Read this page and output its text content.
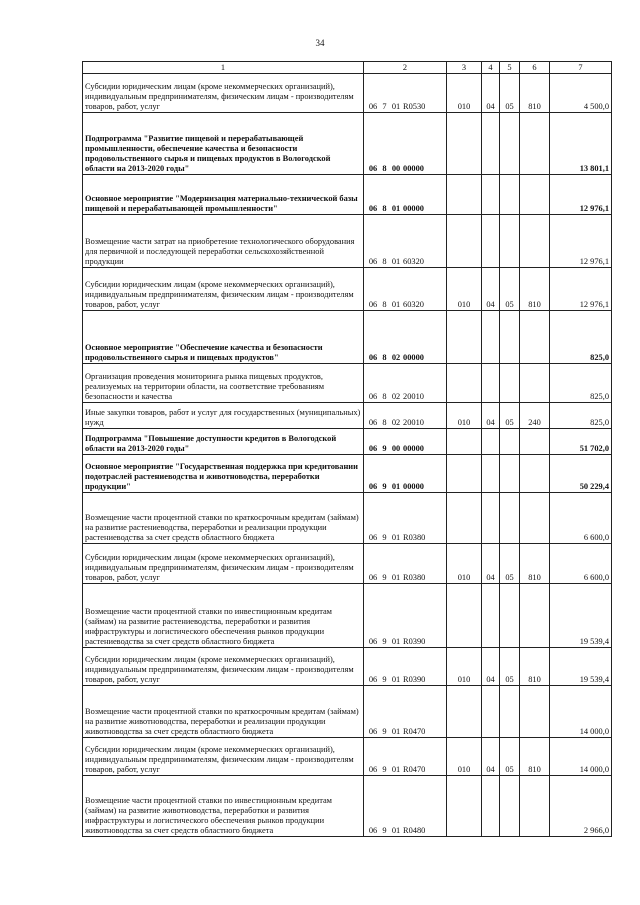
34
1	2	3	4	5	6	7

Субсидии юридическим лицам (кроме некоммерческих организаций), индивидуальным предпринимателям, физическим лицам - производителям товаров, работ, услуг	06 7 01 R0530	010	04	05	810	4 500,0

Подпрограмма "Развитие пищевой и перерабатывающей промышленности, обеспечение качества и безопасности продовольственного сырья и пищевых продуктов в Вологодской области на 2013-2020 годы"	06 8 00 00000					13 801,1

Основное мероприятие "Модернизация материально-технической базы пищевой и перерабатывающей промышленности"	06 8 01 00000					12 976,1

Возмещение части затрат на приобретение технологического оборудования для первичной и последующей переработки сельскохозяйственной продукции	06 8 01 60320					12 976,1

Субсидии юридическим лицам (кроме некоммерческих организаций), индивидуальным предпринимателям, физическим лицам - производителям товаров, работ, услуг	06 8 01 60320	010	04	05	810	12 976,1

Основное мероприятие "Обеспечение качества и безопасности продовольственного сырья и пищевых продуктов"	06 8 02 00000					825,0

Организация проведения мониторинга рынка пищевых продуктов, реализуемых на территории области, на соответствие требованиям безопасности и качества	06 8 02 20010					825,0

Иные закупки товаров, работ и услуг для государственных (муниципальных) нужд	06 8 02 20010	010	04	05	240	825,0

Подпрограмма "Повышение доступности кредитов в Вологодской области на 2013-2020 годы"	06 9 00 00000					51 702,0

Основное мероприятие "Государственная поддержка при кредитовании подотраслей растениеводства и животноводства, переработки продукции"	06 9 01 00000					50 229,4

Возмещение части процентной ставки по краткосрочным кредитам (займам) на развитие растениеводства, переработки и реализации продукции растениеводства за счет средств областного бюджета	06 9 01 R0380					6 600,0

Субсидии юридическим лицам (кроме некоммерческих организаций), индивидуальным предпринимателям, физическим лицам - производителям товаров, работ, услуг	06 9 01 R0380	010	04	05	810	6 600,0

Возмещение части процентной ставки по инвестиционным кредитам (займам) на развитие растениеводства, переработки и развития инфраструктуры и логистического обеспечения рынков продукции растениеводства за счет средств областного бюджета	06 9 01 R0390					19 539,4

Субсидии юридическим лицам (кроме некоммерческих организаций), индивидуальным предпринимателям, физическим лицам - производителям товаров, работ, услуг	06 9 01 R0390	010	04	05	810	19 539,4

Возмещение части процентной ставки по краткосрочным кредитам (займам) на развитие животноводства, переработки и реализации продукции животноводства за счет средств областного бюджета	06 9 01 R0470					14 000,0

Субсидии юридическим лицам (кроме некоммерческих организаций), индивидуальным предпринимателям, физическим лицам - производителям товаров, работ, услуг	06 9 01 R0470	010	04	05	810	14 000,0

Возмещение части процентной ставки по инвестиционным кредитам (займам) на развитие животноводства, переработки и развития инфраструктуры и логистического обеспечения рынков продукции животноводства за счет средств областного бюджета	06 9 01 R0480					2 966,0
